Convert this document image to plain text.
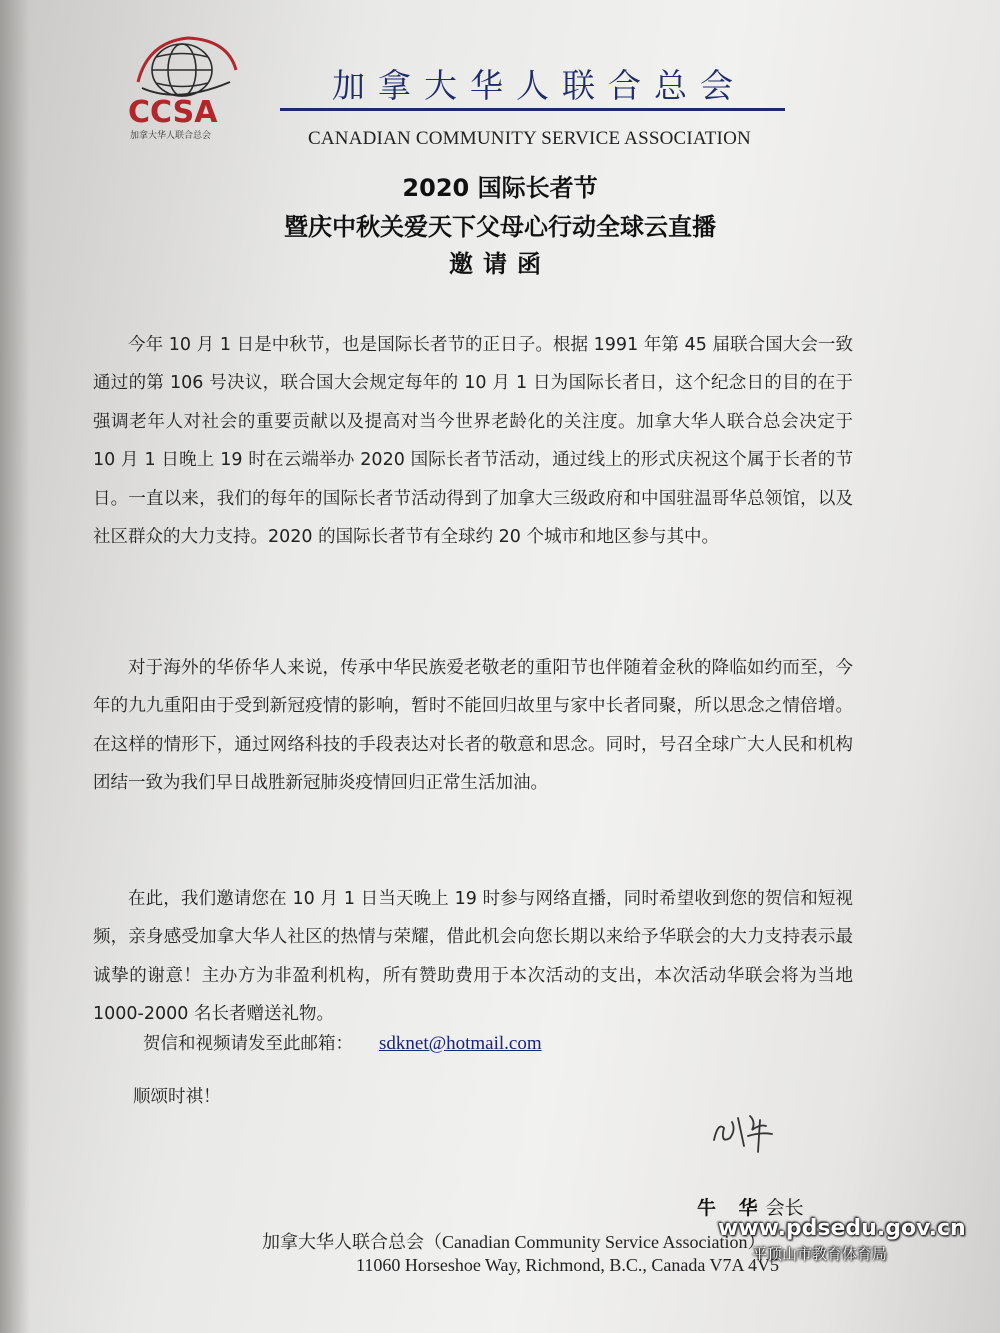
CCSA
加拿大华人联合总会
加拿大华人联合总会
CANADIAN COMMUNITY SERVICE ASSOCIATION
2020 国际长者节
暨庆中秋关爱天下父母心行动全球云直播
邀请函

今年 10 月 1 日是中秋节，也是国际长者节的正日子。根据 1991 年第 45 届联合国大会一致通过的第 106 号决议，联合国大会规定每年的 10 月 1 日为国际长者日，这个纪念日的目的在于强调老年人对社会的重要贡献以及提高对当今世界老龄化的关注度。加拿大华人联合总会决定于 10 月 1 日晚上 19 时在云端举办 2020 国际长者节活动，通过线上的形式庆祝这个属于长者的节日。一直以来，我们的每年的国际长者节活动得到了加拿大三级政府和中国驻温哥华总领馆，以及社区群众的大力支持。2020 的国际长者节有全球约 20 个城市和地区参与其中。

对于海外的华侨华人来说，传承中华民族爱老敬老的重阳节也伴随着金秋的降临如约而至，今年的九九重阳由于受到新冠疫情的影响，暂时不能回归故里与家中长者同聚，所以思念之情倍增。在这样的情形下，通过网络科技的手段表达对长者的敬意和思念。同时，号召全球广大人民和机构团结一致为我们早日战胜新冠肺炎疫情回归正常生活加油。

在此，我们邀请您在 10 月 1 日当天晚上 19 时参与网络直播，同时希望收到您的贺信和短视频，亲身感受加拿大华人社区的热情与荣耀，借此机会向您长期以来给予华联会的大力支持表示最诚挚的谢意！主办方为非盈利机构，所有赞助费用于本次活动的支出，本次活动华联会将为当地 1000-2000 名长者赠送礼物。

贺信和视频请发至此邮箱： sdknet@hotmail.com
顺颂时祺！
牛 华会长
加拿大华人联合总会（Canadian Community Service Association）
11060 Horseshoe Way, Richmond, B.C., Canada V7A 4V5
www.pdsedu.gov.cn
平顶山市教育体育局
